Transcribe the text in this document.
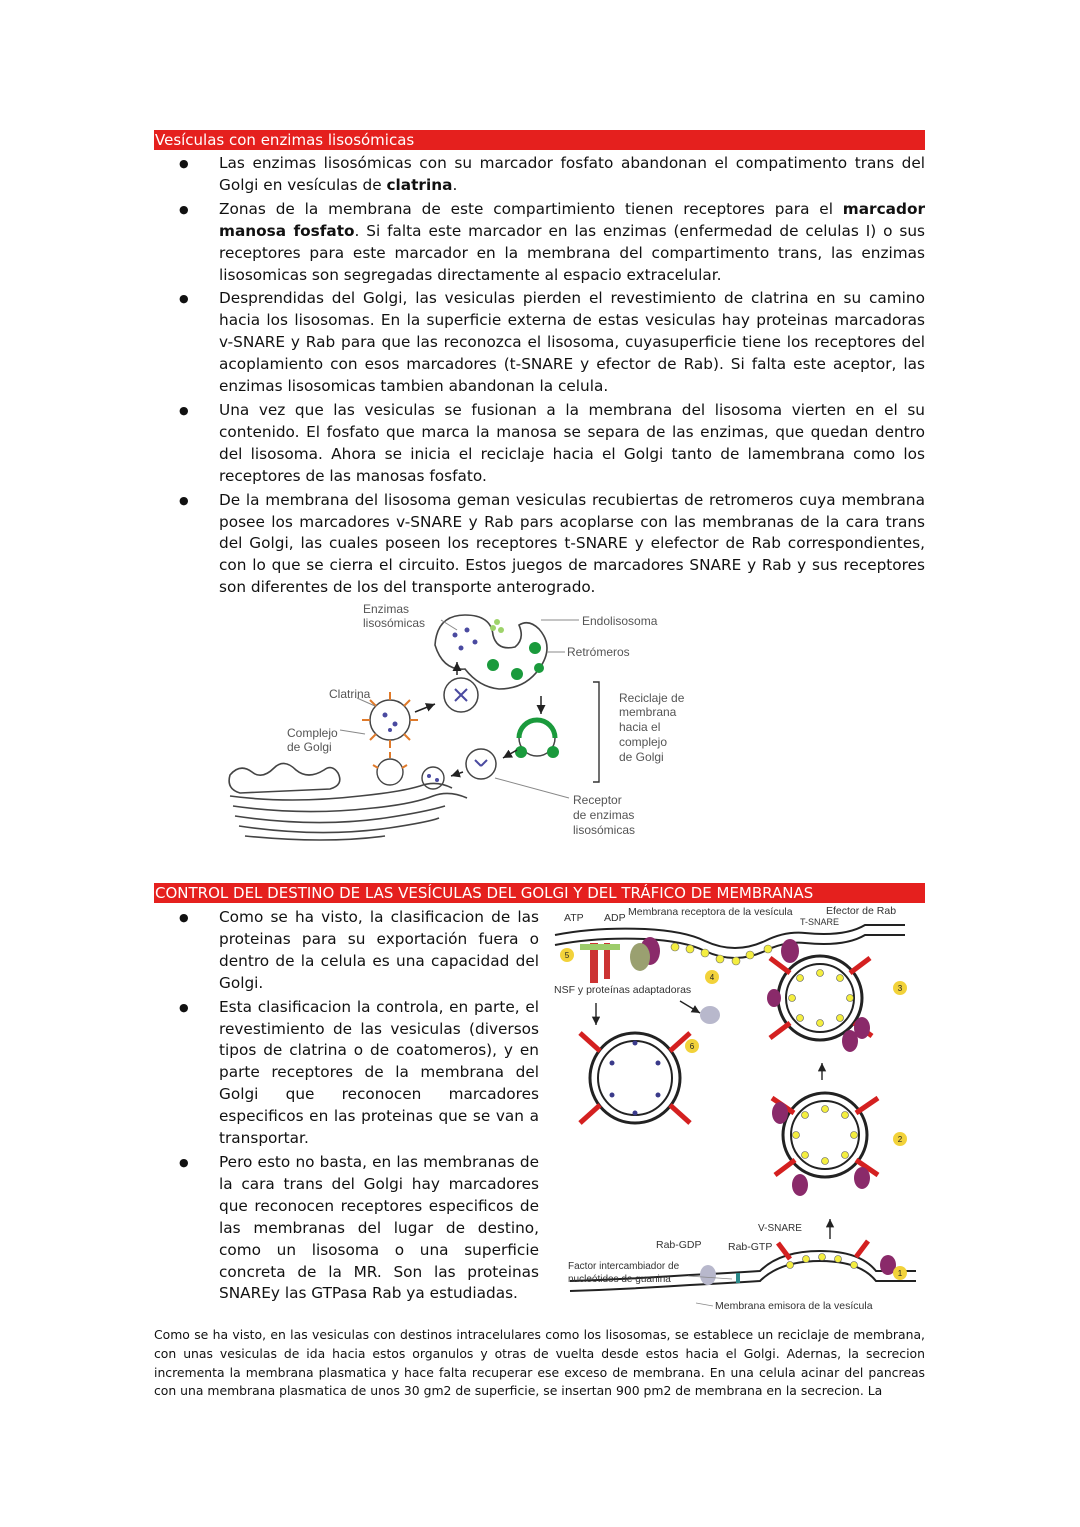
Vesículas con enzimas lisosómicas
● Las enzimas lisosómicas con su marcador fosfato abandonan el compatimento trans del Golgi en vesículas de clatrina.
● Zonas de la membrana de este compartimiento tienen receptores para el marcador manosa fosfato. Si falta este marcador en las enzimas (enfermedad de celulas I) o sus receptores para este marcador en la membrana del compartimento trans, las enzimas lisosomicas son segregadas directamente al espacio extracelular.
● Desprendidas del Golgi, las vesiculas pierden el revestimiento de clatrina en su camino hacia los lisosomas. En la superficie externa de estas vesiculas hay proteinas marcadoras v-SNARE y Rab para que las reconozca el lisosoma, cuyasuperficie tiene los receptores del acoplamiento con esos marcadores (t-SNARE y efector de Rab). Si falta este aceptor, las enzimas lisosomicas tambien abandonan la celula.
● Una vez que las vesiculas se fusionan a la membrana del lisosoma vierten en el su contenido. El fosfato que marca la manosa se separa de las enzimas, que quedan dentro del lisosoma. Ahora se inicia el reciclaje hacia el Golgi tanto de lamembrana como los receptores de las manosas fosfato.
● De la membrana del lisosoma geman vesiculas recubiertas de retromeros cuya membrana posee los marcadores v-SNARE y Rab pars acoplarse con las membranas de la cara trans del Golgi, las cuales poseen los receptores t-SNARE y elefector de Rab correspondientes, con lo que se cierra el circuito. Estos juegos de marcadores SNARE y Rab y sus receptores son diferentes de los del transporte anterogrado.
Enzimas
lisosómicas	Endolisosoma
Retrómeros
Clatrina	Reciclaje de
membrana
hacia el
complejo
de Golgi
Complejo
de Golgi
Receptor
de enzimas
lisosómicas
CONTROL DEL DESTINO DE LAS VESÍCULAS DEL GOLGI Y DEL TRÁFICO DE MEMBRANAS
● Como se ha visto, la clasificacion de las proteinas para su exportación fuera o dentro de la celula es una capacidad del Golgi.
● Esta clasificacion la controla, en parte, el revestimiento de las vesiculas (diversos tipos de clatrina o de coatomeros), y en parte receptores de la membrana del Golgi que reconocen marcadores especificos en las proteinas que se van a transportar.
● Pero esto no basta, en las membranas de la cara trans del Golgi hay marcadores que reconocen receptores especificos de las membranas del lugar de destino, como un lisosoma o una superficie concreta de la MR. Son las proteinas SNAREy las GTPasa Rab ya estudiadas.
1
2
3
4
5
6
ATP ADP Membrana receptora de la vesícula	Efector de Rab
T-SNARE
NSF y proteínas adaptadoras
V-SNARE
Rab-GDP	Rab-GTP
Factor intercambiador de
nucleótidos de guanina
Membrana emisora de la vesícula

Como se ha visto, en las vesiculas con destinos intracelulares como los lisosomas, se establece un reciclaje de membrana, con unas vesiculas de ida hacia estos organulos y otras de vuelta desde estos hacia el Golgi. Adernas, la secrecion incrementa la membrana plasmatica y hace falta recuperar ese exceso de membrana. En una celula acinar del pancreas con una membrana plasmatica de unos 30 gm2 de superficie, se insertan 900 pm2 de membrana en la secrecion. La
